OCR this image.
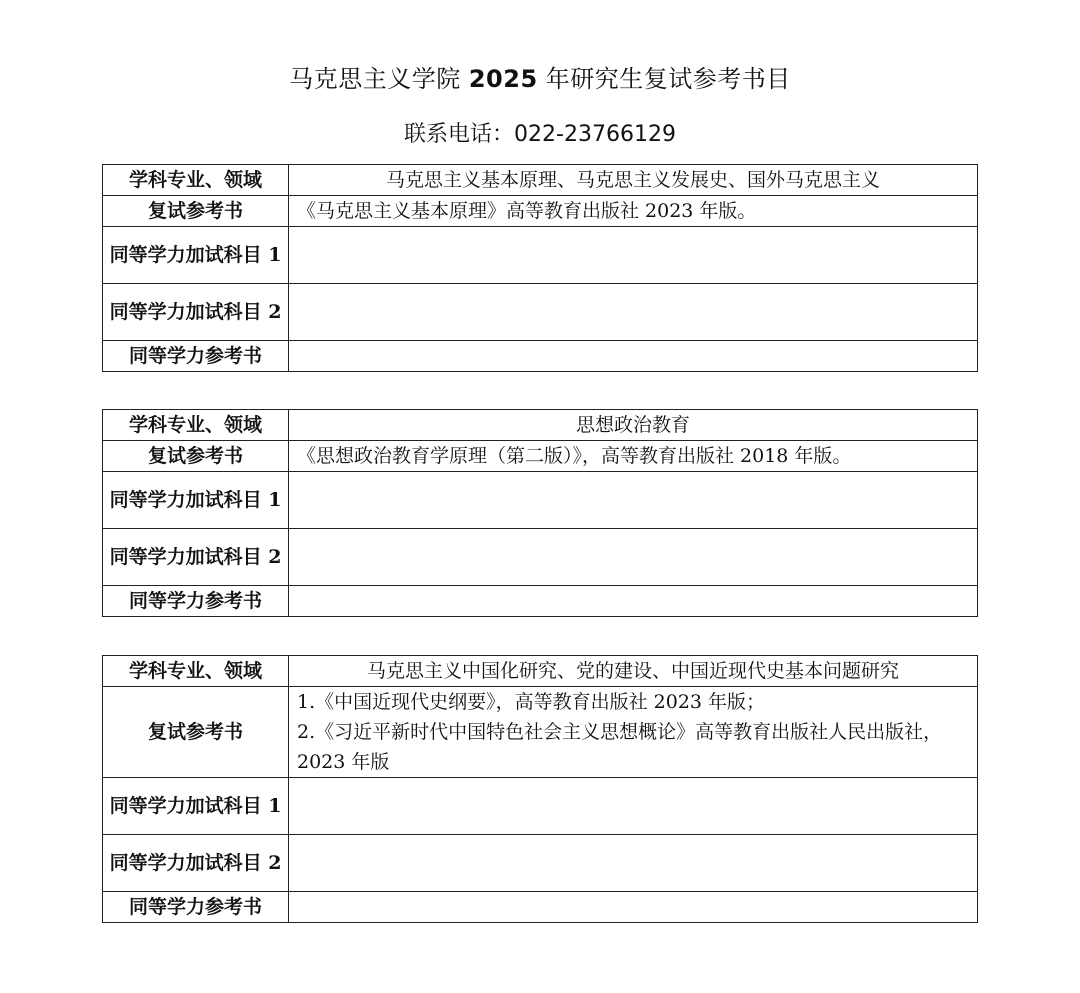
马克思主义学院 2025 年研究生复试参考书目
联系电话：022-23766129
学科专业、领域	马克思主义基本原理、马克思主义发展史、国外马克思主义
复试参考书	《马克思主义基本原理》高等教育出版社 2023 年版。

同等学力加试科目 1	
同等学力加试科目 2	
同等学力参考书	
学科专业、领域	思想政治教育
复试参考书	《思想政治教育学原理（第二版）》，高等教育出版社 2018 年版。

同等学力加试科目 1	
同等学力加试科目 2	
同等学力参考书	
学科专业、领域	马克思主义中国化研究、党的建设、中国近现代史基本问题研究
复试参考书	1.《中国近现代史纲要》，高等教育出版社 2023 年版；
2.《习近平新时代中国特色社会主义思想概论》高等教育出版社人民出版社，2023 年版

同等学力加试科目 1	
同等学力加试科目 2	
同等学力参考书	
